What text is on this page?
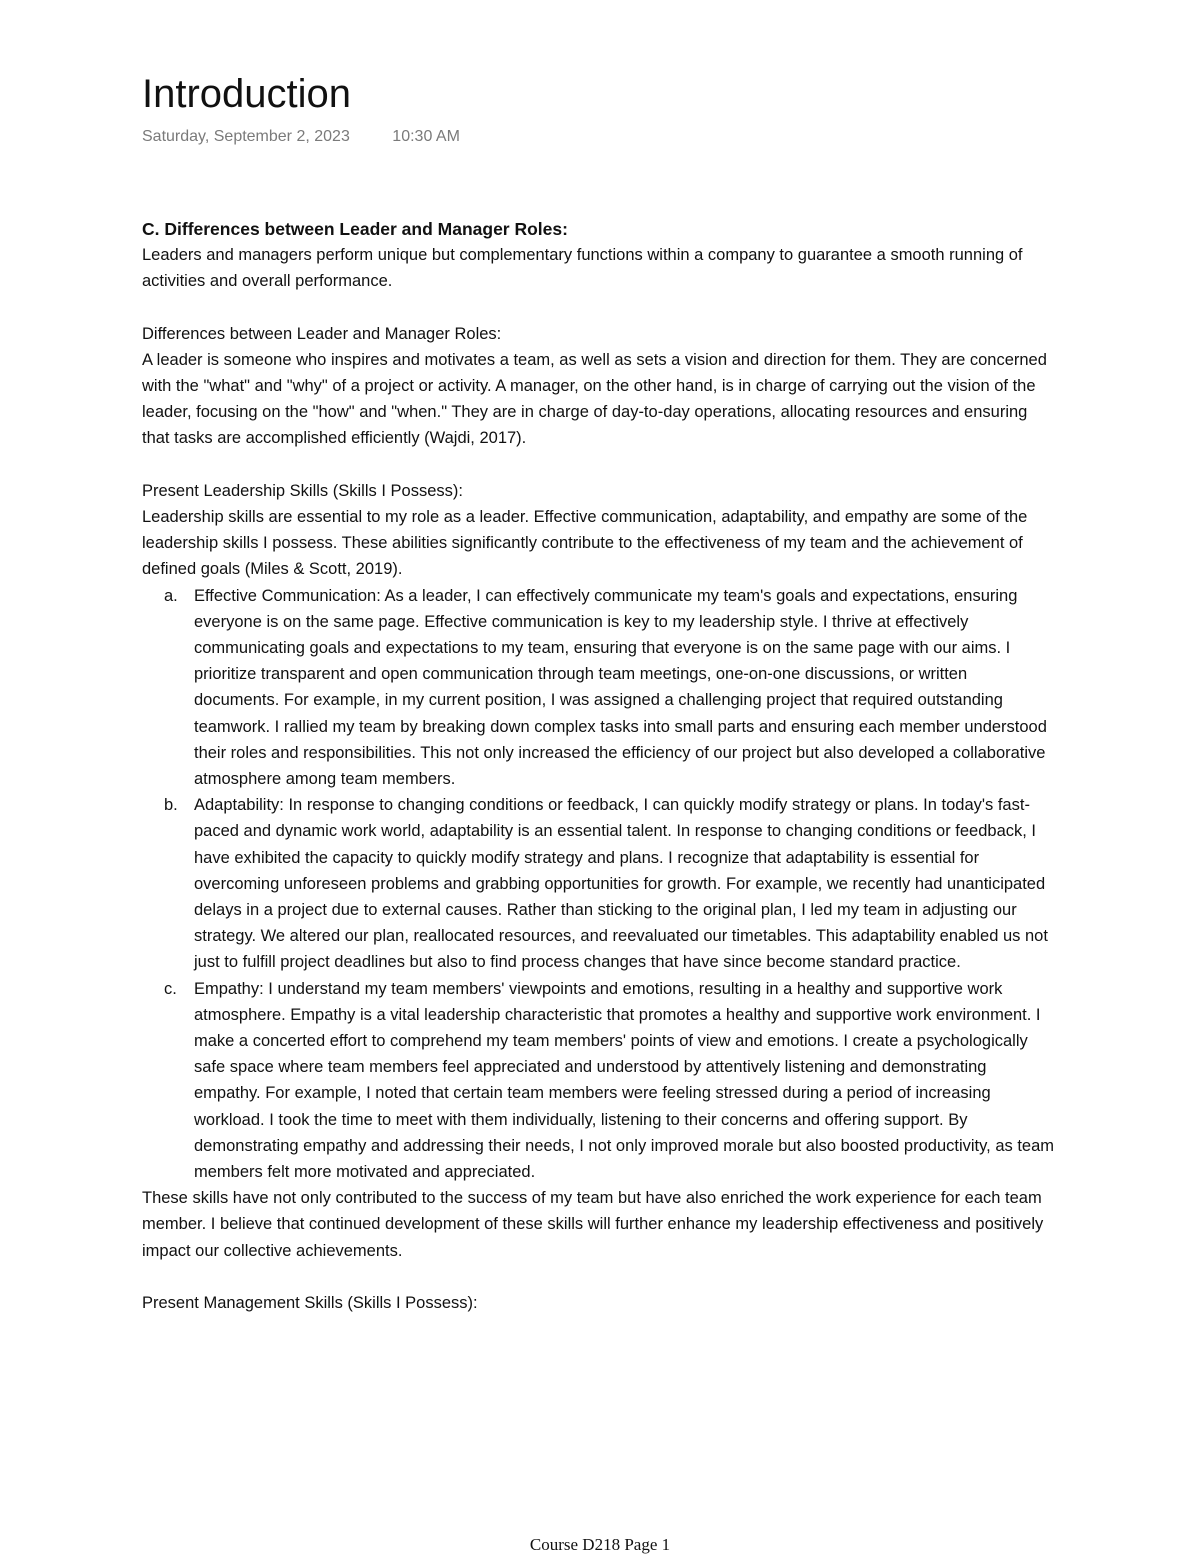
Introduction
Saturday, September 2, 2023	10:30 AM

C. Differences between Leader and Manager Roles:

Leaders and managers perform unique but complementary functions within a company to guarantee a smooth running of activities and overall performance.

Differences between Leader and Manager Roles:

A leader is someone who inspires and motivates a team, as well as sets a vision and direction for them. They are concerned with the "what" and "why" of a project or activity. A manager, on the other hand, is in charge of carrying out the vision of the leader, focusing on the "how" and "when." They are in charge of day-to-day operations, allocating resources and ensuring that tasks are accomplished efficiently (Wajdi, 2017).

Present Leadership Skills (Skills I Possess):

Leadership skills are essential to my role as a leader. Effective communication, adaptability, and empathy are some of the leadership skills I possess. These abilities significantly contribute to the effectiveness of my team and the achievement of defined goals (Miles & Scott, 2019).

a. Effective Communication: As a leader, I can effectively communicate my team's goals and expectations, ensuring everyone is on the same page. Effective communication is key to my leadership style. I thrive at effectively communicating goals and expectations to my team, ensuring that everyone is on the same page with our aims. I prioritize transparent and open communication through team meetings, one-on-one discussions, or written documents. For example, in my current position, I was assigned a challenging project that required outstanding teamwork. I rallied my team by breaking down complex tasks into small parts and ensuring each member understood their roles and responsibilities. This not only increased the efficiency of our project but also developed a collaborative atmosphere among team members.
b. Adaptability: In response to changing conditions or feedback, I can quickly modify strategy or plans. In today's fast-paced and dynamic work world, adaptability is an essential talent. In response to changing conditions or feedback, I have exhibited the capacity to quickly modify strategy and plans. I recognize that adaptability is essential for overcoming unforeseen problems and grabbing opportunities for growth. For example, we recently had unanticipated delays in a project due to external causes. Rather than sticking to the original plan, I led my team in adjusting our strategy. We altered our plan, reallocated resources, and reevaluated our timetables. This adaptability enabled us not just to fulfill project deadlines but also to find process changes that have since become standard practice.
c. Empathy: I understand my team members' viewpoints and emotions, resulting in a healthy and supportive work atmosphere. Empathy is a vital leadership characteristic that promotes a healthy and supportive work environment. I make a concerted effort to comprehend my team members' points of view and emotions. I create a psychologically safe space where team members feel appreciated and understood by attentively listening and demonstrating empathy. For example, I noted that certain team members were feeling stressed during a period of increasing workload. I took the time to meet with them individually, listening to their concerns and offering support. By demonstrating empathy and addressing their needs, I not only improved morale but also boosted productivity, as team members felt more motivated and appreciated.

These skills have not only contributed to the success of my team but have also enriched the work experience for each team member. I believe that continued development of these skills will further enhance my leadership effectiveness and positively impact our collective achievements.

Present Management Skills (Skills I Possess):

Course D218 Page 1
